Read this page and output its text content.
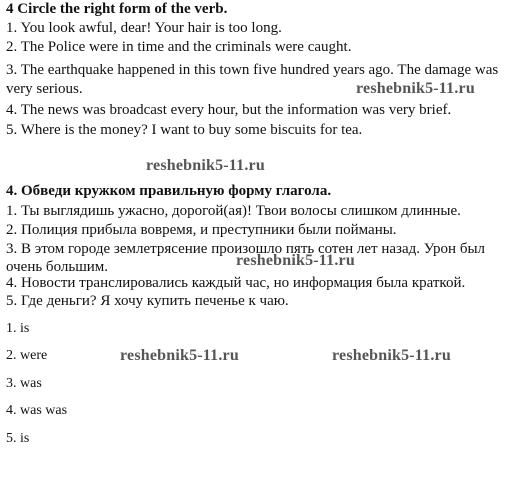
4 Circle the right form of the verb.
1. You look awful, dear! Your hair is too long.
2. The Police were in time and the criminals were caught.
3. The earthquake happened in this town five hundred years ago. The damage was
very serious.
4. The news was broadcast every hour, but the information was very brief.
5. Where is the money? I want to buy some biscuits for tea.
4. Обведи кружком правильную форму глагола.
1. Ты выглядишь ужасно, дорогой(ая)! Твои волосы слишком длинные.
2. Полиция прибыла вовремя, и преступники были пойманы.
3. В этом городе землетрясение произошло пять сотен лет назад. Урон был
очень большим.
4. Новости транслировались каждый час, но информация была краткой.
5. Где деньги? Я хочу купить печенье к чаю.
1. is
2. were
3. was
4. was was
5. is
reshebnik5-11.ru
reshebnik5-11.ru
reshebnik5-11.ru
reshebnik5-11.ru	reshebnik5-11.ru
